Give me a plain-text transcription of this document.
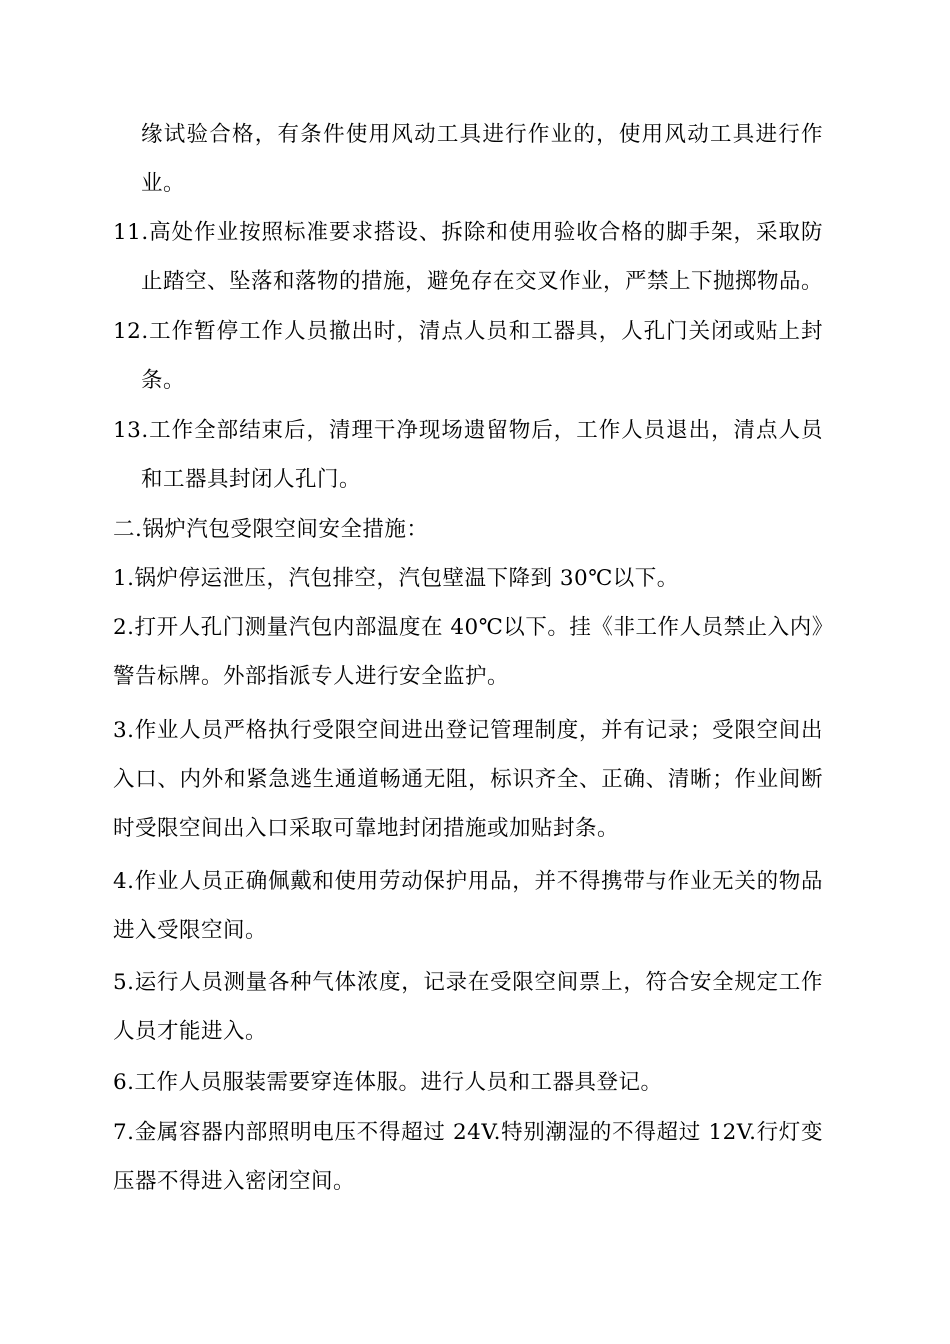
缘试验合格，有条件使用风动工具进行作业的，使用风动工具进行作业。

11.高处作业按照标准要求搭设、拆除和使用验收合格的脚手架，采取防止踏空、坠落和落物的措施，避免存在交叉作业，严禁上下抛掷物品。

12.工作暂停工作人员撤出时，清点人员和工器具，人孔门关闭或贴上封条。

13.工作全部结束后，清理干净现场遗留物后，工作人员退出，清点人员和工器具封闭人孔门。

二.锅炉汽包受限空间安全措施：

1.锅炉停运泄压，汽包排空，汽包壁温下降到 30℃以下。

2.打开人孔门测量汽包内部温度在 40℃以下。挂《非工作人员禁止入内》警告标牌。外部指派专人进行安全监护。

3.作业人员严格执行受限空间进出登记管理制度，并有记录；受限空间出入口、内外和紧急逃生通道畅通无阻，标识齐全、正确、清晰；作业间断时受限空间出入口采取可靠地封闭措施或加贴封条。

4.作业人员正确佩戴和使用劳动保护用品，并不得携带与作业无关的物品进入受限空间。

5.运行人员测量各种气体浓度，记录在受限空间票上，符合安全规定工作人员才能进入。

6.工作人员服装需要穿连体服。进行人员和工器具登记。

7.金属容器内部照明电压不得超过 24V.特别潮湿的不得超过 12V.行灯变压器不得进入密闭空间。
